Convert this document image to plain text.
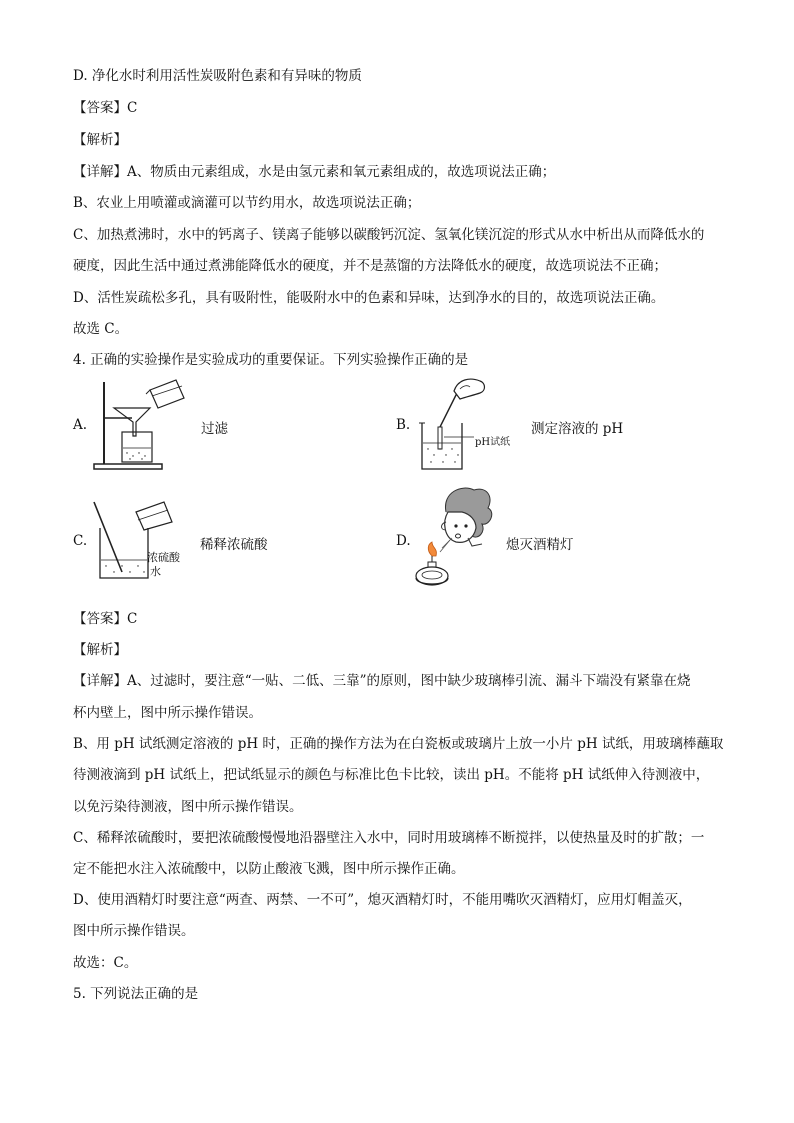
D. 净化水时利用活性炭吸附色素和有异味的物质
【答案】C
【解析】
【详解】A、物质由元素组成，水是由氢元素和氧元素组成的，故选项说法正确；
B、农业上用喷灌或滴灌可以节约用水，故选项说法正确；
C、加热煮沸时，水中的钙离子、镁离子能够以碳酸钙沉淀、氢氧化镁沉淀的形式从水中析出从而降低水的
硬度，因此生活中通过煮沸能降低水的硬度，并不是蒸馏的方法降低水的硬度，故选项说法不正确；
D、活性炭疏松多孔，具有吸附性，能吸附水中的色素和异味，达到净水的目的，故选项说法正确。
故选 C。
4. 正确的实验操作是实验成功的重要保证。下列实验操作正确的是
A.	过滤	B.
pH试纸
测定溶液的 pH
C.
浓硫酸
水
稀释浓硫酸	D.	熄灭酒精灯
【答案】C
【解析】
【详解】A、过滤时，要注意“一贴、二低、三靠”的原则，图中缺少玻璃棒引流、漏斗下端没有紧靠在烧
杯内壁上，图中所示操作错误。
B、用 pH 试纸测定溶液的 pH 时，正确的操作方法为在白瓷板或玻璃片上放一小片 pH 试纸，用玻璃棒蘸取
待测液滴到 pH 试纸上，把试纸显示的颜色与标准比色卡比较，读出 pH。不能将 pH 试纸伸入待测液中，
以免污染待测液，图中所示操作错误。
C、稀释浓硫酸时，要把浓硫酸慢慢地沿器壁注入水中，同时用玻璃棒不断搅拌，以使热量及时的扩散；一
定不能把水注入浓硫酸中，以防止酸液飞溅，图中所示操作正确。
D、使用酒精灯时要注意“两查、两禁、一不可”，熄灭酒精灯时，不能用嘴吹灭酒精灯，应用灯帽盖灭，
图中所示操作错误。
故选：C。
5. 下列说法正确的是
